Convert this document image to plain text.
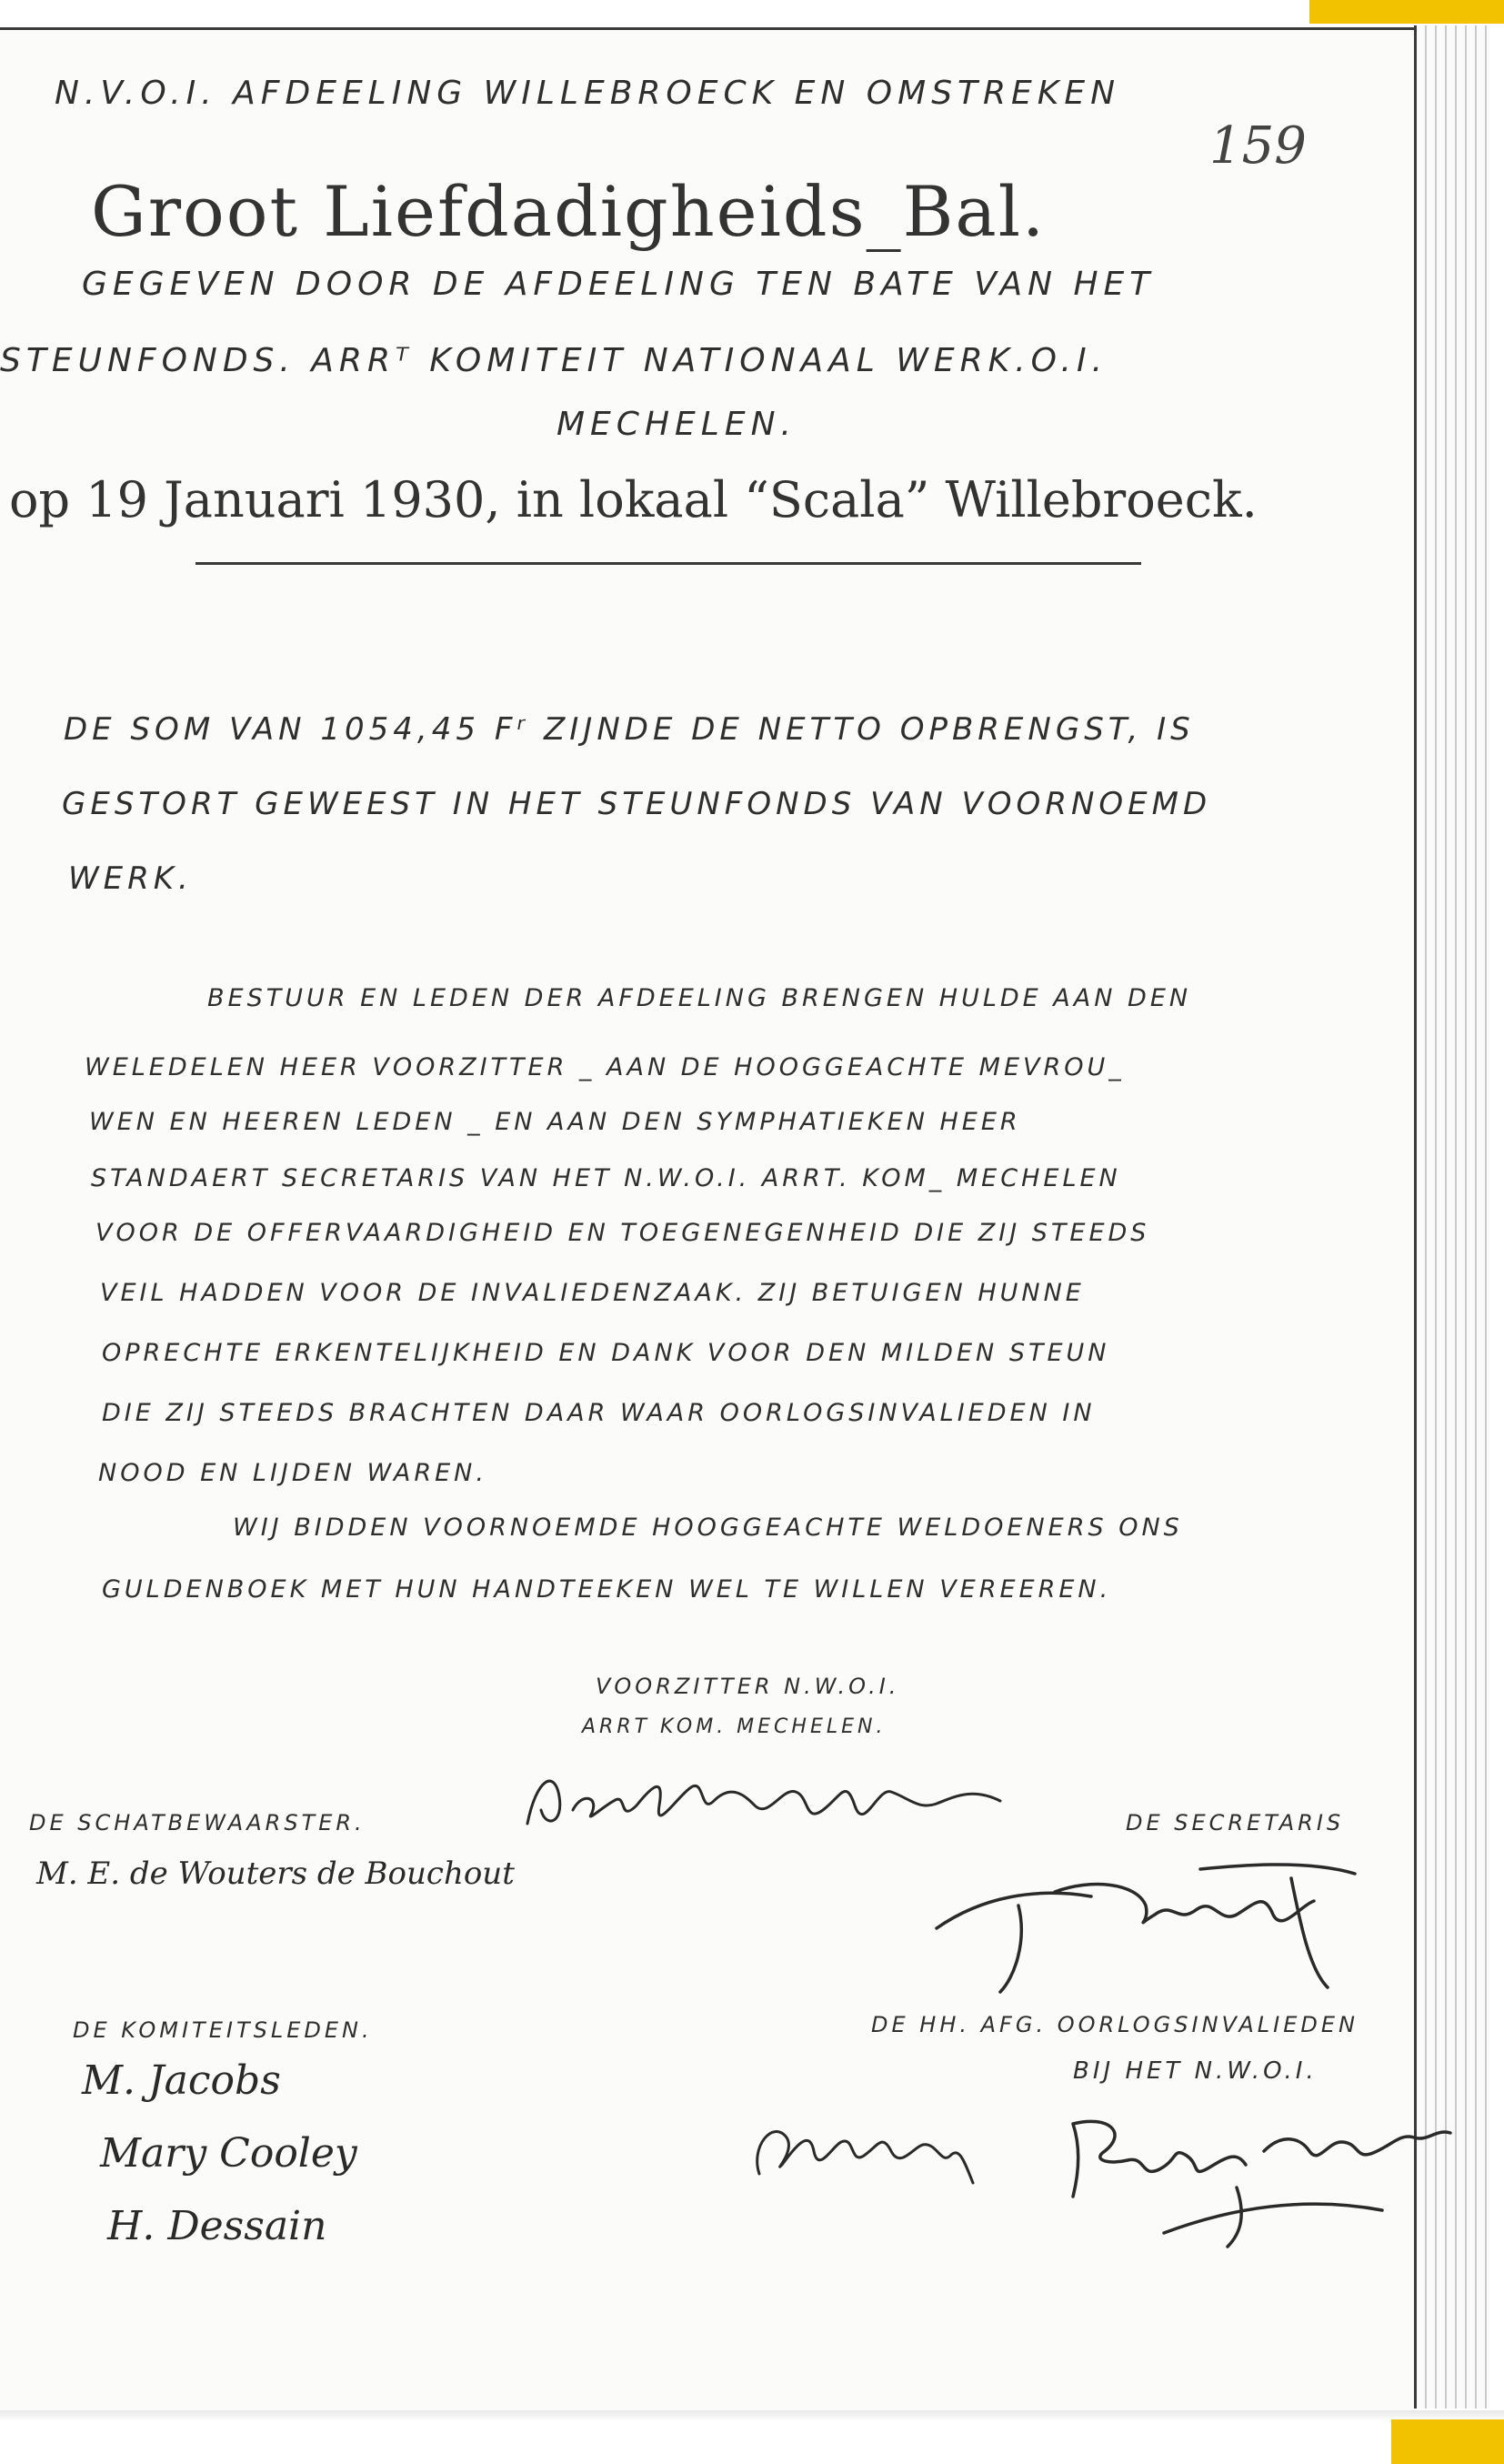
N.V.O.I. AFDEELING WILLEBROECK EN OMSTREKEN
159
Groot Liefdadigheids_Bal.
GEGEVEN DOOR DE AFDEELING TEN BATE VAN HET
STEUNFONDS. ARRᵀ KOMITEIT NATIONAAL WERK.O.I.
MECHELEN.
op 19 Januari 1930, in lokaal “Scala” Willebroeck.
DE SOM VAN 1054,45 Fʳ ZIJNDE DE NETTO OPBRENGST, IS
GESTORT GEWEEST IN HET STEUNFONDS VAN VOORNOEMD
WERK.
BESTUUR EN LEDEN DER AFDEELING BRENGEN HULDE AAN DEN
WELEDELEN HEER VOORZITTER _ AAN DE HOOGGEACHTE MEVROU_
WEN EN HEEREN LEDEN _ EN AAN DEN SYMPHATIEKEN HEER
STANDAERT SECRETARIS VAN HET N.W.O.I. ARRT. KOM_ MECHELEN
VOOR DE OFFERVAARDIGHEID EN TOEGENEGENHEID DIE ZIJ STEEDS
VEIL HADDEN VOOR DE INVALIEDENZAAK. ZIJ BETUIGEN HUNNE
OPRECHTE ERKENTELIJKHEID EN DANK VOOR DEN MILDEN STEUN
DIE ZIJ STEEDS BRACHTEN DAAR WAAR OORLOGSINVALIEDEN IN
NOOD EN LIJDEN WAREN.
WIJ BIDDEN VOORNOEMDE HOOGGEACHTE WELDOENERS ONS
GULDENBOEK MET HUN HANDTEEKEN WEL TE WILLEN VEREEREN.
VOORZITTER N.W.O.I.
ARRT KOM. MECHELEN.
DE SCHATBEWAARSTER.
M. E. de Wouters de Bouchout
DE SECRETARIS
DE KOMITEITSLEDEN.
M. Jacobs
Mary Cooley
H. Dessain
DE HH. AFG. OORLOGSINVALIEDEN
BIJ HET N.W.O.I.
